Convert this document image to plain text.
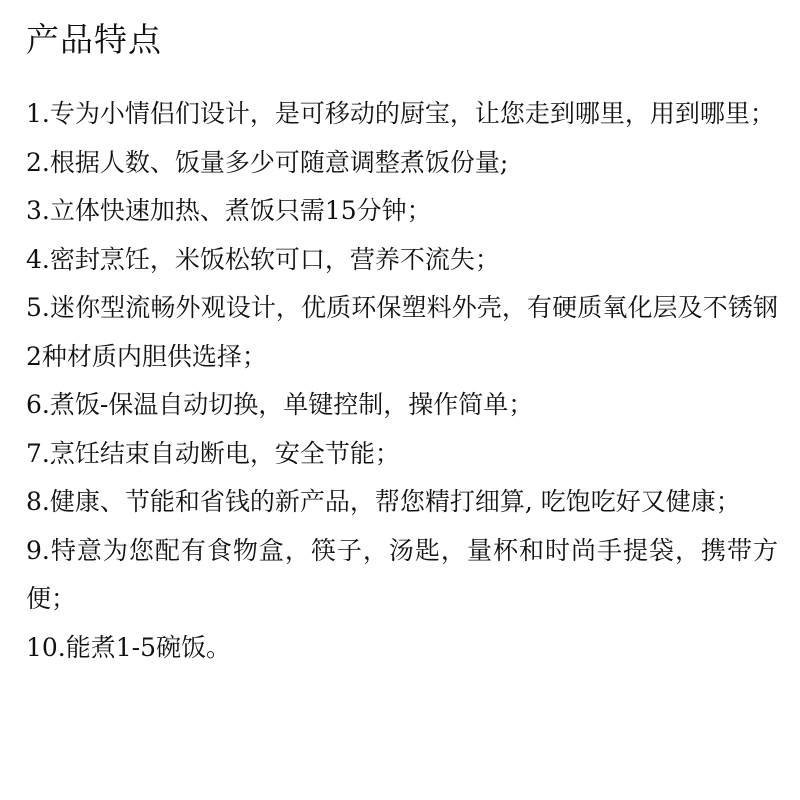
产品特点
1.专为小情侣们设计，是可移动的厨宝，让您走到哪里，用到哪里；
2.根据人数、饭量多少可随意调整煮饭份量;
3.立体快速加热、煮饭只需15分钟；
4.密封烹饪，米饭松软可口，营养不流失；
5.迷你型流畅外观设计，优质环保塑料外壳，有硬质氧化层及不锈钢2种材质内胆供选择；
6.煮饭-保温自动切换，单键控制，操作简单；
7.烹饪结束自动断电，安全节能；
8.健康、节能和省钱的新产品，帮您精打细算, 吃饱吃好又健康；
9.特意为您配有食物盒，筷子，汤匙，量杯和时尚手提袋，携带方便；
10.能煮1-5碗饭。
